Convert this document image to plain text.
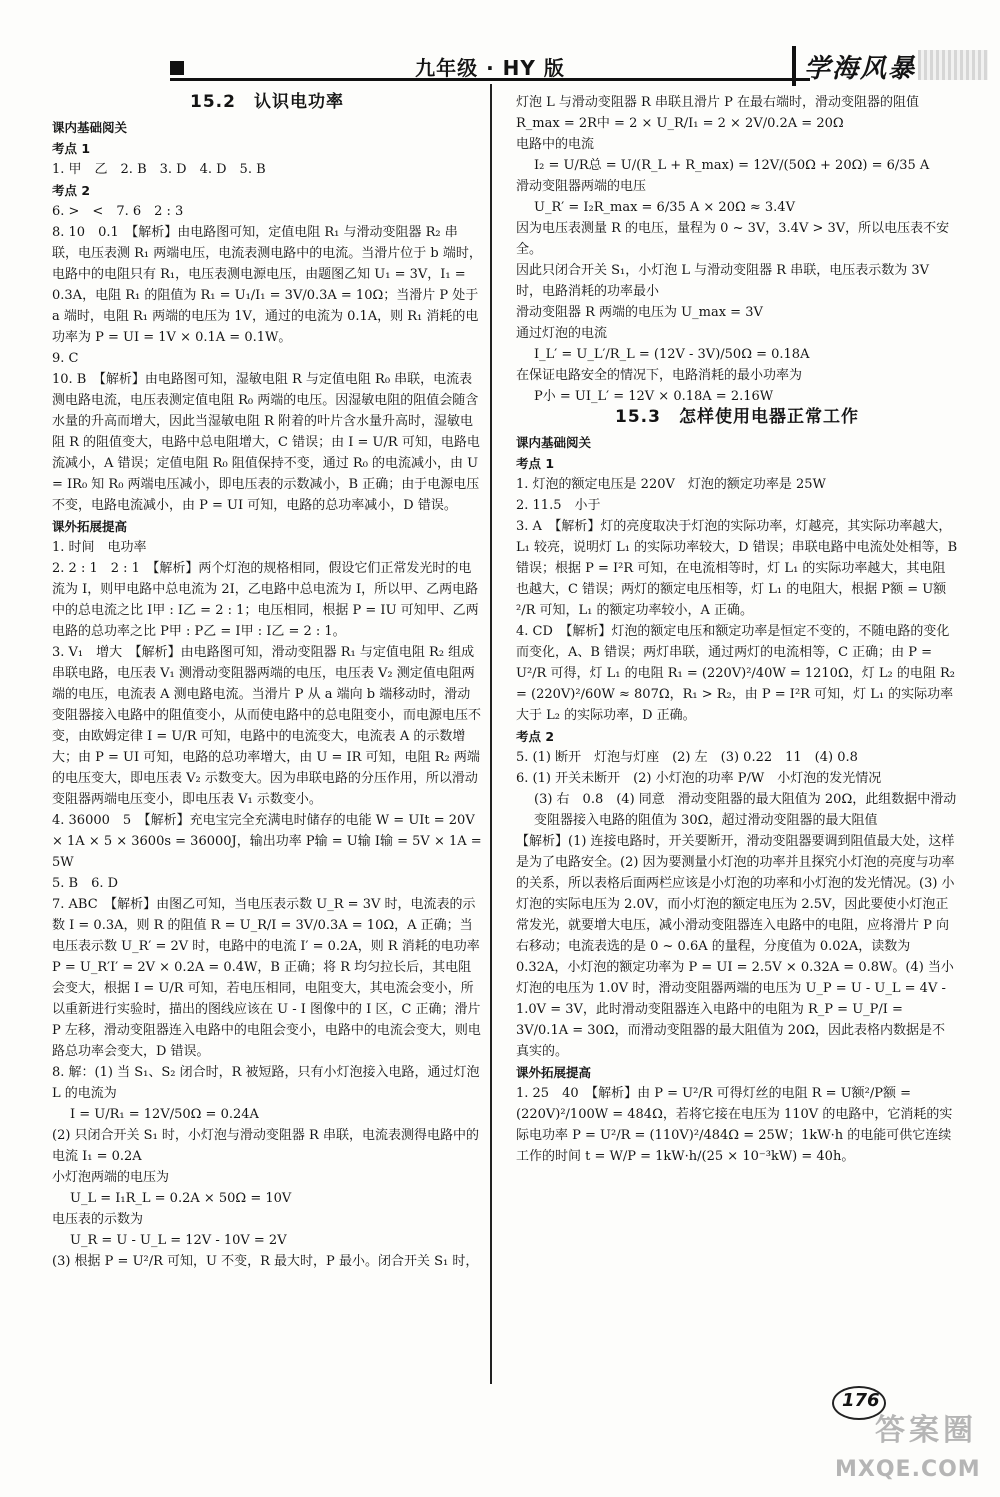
九年级 · HY 版	学海风暴
15.2　认识电功率

课内基础阅关

考点 1

1. 甲　乙　2. B　3. D　4. D　5. B

考点 2

6. >　<　7. 6　2 : 3

8. 10　0.1　【解析】由电路图可知，定值电阻 R₁ 与滑动变阻器 R₂ 串联，电压表测 R₁ 两端电压，电流表测电路中的电流。当滑片位于 b 端时，电路中的电阻只有 R₁，电压表测电源电压，由题图乙知 U₁ = 3V，I₁ = 0.3A，电阻 R₁ 的阻值为 R₁ = U₁/I₁ = 3V/0.3A = 10Ω；当滑片 P 处于 a 端时，电阻 R₁ 两端的电压为 1V，通过的电流为 0.1A，则 R₁ 消耗的电功率为 P = UI = 1V × 0.1A = 0.1W。

9. C

10. B　【解析】由电路图可知，湿敏电阻 R 与定值电阻 R₀ 串联，电流表测电路电流，电压表测定值电阻 R₀ 两端的电压。因湿敏电阻的阻值会随含水量的升高而增大，因此当湿敏电阻 R 附着的叶片含水量升高时，湿敏电阻 R 的阻值变大，电路中总电阻增大，C 错误；由 I = U/R 可知，电路电流减小，A 错误；定值电阻 R₀ 阻值保持不变，通过 R₀ 的电流减小，由 U = IR₀ 知 R₀ 两端电压减小，即电压表的示数减小，B 正确；由于电源电压不变，电路电流减小，由 P = UI 可知，电路的总功率减小，D 错误。

课外拓展提高

1. 时间　电功率

2. 2 : 1　2 : 1　【解析】两个灯泡的规格相同，假设它们正常发光时的电流为 I，则甲电路中总电流为 2I，乙电路中总电流为 I，所以甲、乙两电路中的总电流之比 I甲 : I乙 = 2 : 1；电压相同，根据 P = IU 可知甲、乙两电路的总功率之比 P甲 : P乙 = I甲 : I乙 = 2 : 1。

3. V₁　增大　【解析】由电路图可知，滑动变阻器 R₁ 与定值电阻 R₂ 组成串联电路，电压表 V₁ 测滑动变阻器两端的电压，电压表 V₂ 测定值电阻两端的电压，电流表 A 测电路电流。当滑片 P 从 a 端向 b 端移动时，滑动变阻器接入电路中的阻值变小，从而使电路中的总电阻变小，而电源电压不变，由欧姆定律 I = U/R 可知，电路中的电流变大，电流表 A 的示数增大；由 P = UI 可知，电路的总功率增大，由 U = IR 可知，电阻 R₂ 两端的电压变大，即电压表 V₂ 示数变大。因为串联电路的分压作用，所以滑动变阻器两端电压变小，即电压表 V₁ 示数变小。

4. 36000　5　【解析】充电宝完全充满电时储存的电能 W = UIt = 20V × 1A × 5 × 3600s = 36000J，输出功率 P输 = U输 I输 = 5V × 1A = 5W

5. B　6. D

7. ABC　【解析】由图乙可知，当电压表示数 U_R = 3V 时，电流表的示数 I = 0.3A，则 R 的阻值 R = U_R/I = 3V/0.3A = 10Ω，A 正确；当电压表示数 U_R′ = 2V 时，电路中的电流 I′ = 0.2A，则 R 消耗的电功率 P = U_R′I′ = 2V × 0.2A = 0.4W，B 正确；将 R 均匀拉长后，其电阻会变大，根据 I = U/R 可知，若电压相同，电阻变大，其电流会变小，所以重新进行实验时，描出的图线应该在 U - I 图像中的 Ⅰ 区，C 正确；滑片 P 左移，滑动变阻器连入电路中的电阻会变小，电路中的电流会变大，则电路总功率会变大，D 错误。

8. 解：(1) 当 S₁、S₂ 闭合时，R 被短路，只有小灯泡接入电路，通过灯泡 L 的电流为

I = U/R₁ = 12V/50Ω = 0.24A

(2) 只闭合开关 S₁ 时，小灯泡与滑动变阻器 R 串联，电流表测得电路中的电流 I₁ = 0.2A

小灯泡两端的电压为

U_L = I₁R_L = 0.2A × 50Ω = 10V

电压表的示数为

U_R = U - U_L = 12V - 10V = 2V

(3) 根据 P = U²/R 可知，U 不变，R 最大时，P 最小。闭合开关 S₁ 时，

灯泡 L 与滑动变阻器 R 串联且滑片 P 在最右端时，滑动变阻器的阻值 R_max = 2R中 = 2 × U_R/I₁ = 2 × 2V/0.2A = 20Ω

电路中的电流

I₂ = U/R总 = U/(R_L + R_max) = 12V/(50Ω + 20Ω) = 6/35 A

滑动变阻器两端的电压

U_R′ = I₂R_max = 6/35 A × 20Ω ≈ 3.4V

因为电压表测量 R 的电压，量程为 0 ~ 3V，3.4V > 3V，所以电压表不安全。

因此只闭合开关 S₁，小灯泡 L 与滑动变阻器 R 串联，电压表示数为 3V 时，电路消耗的功率最小

滑动变阻器 R 两端的电压为 U_max = 3V

通过灯泡的电流

I_L′ = U_L′/R_L = (12V - 3V)/50Ω = 0.18A

在保证电路安全的情况下，电路消耗的最小功率为

P小 = UI_L′ = 12V × 0.18A = 2.16W

15.3　怎样使用电器正常工作

课内基础阅关

考点 1

1. 灯泡的额定电压是 220V　灯泡的额定功率是 25W

2. 11.5　小于

3. A　【解析】灯的亮度取决于灯泡的实际功率，灯越亮，其实际功率越大，L₁ 较亮，说明灯 L₁ 的实际功率较大，D 错误；串联电路中电流处处相等，B 错误；根据 P = I²R 可知，在电流相等时，灯 L₁ 的实际功率越大，其电阻也越大，C 错误；两灯的额定电压相等，灯 L₁ 的电阻大，根据 P额 = U额²/R 可知，L₁ 的额定功率较小，A 正确。

4. CD　【解析】灯泡的额定电压和额定功率是恒定不变的，不随电路的变化而变化，A、B 错误；两灯串联，通过两灯的电流相等，C 正确；由 P = U²/R 可得，灯 L₁ 的电阻 R₁ = (220V)²/40W = 1210Ω，灯 L₂ 的电阻 R₂ = (220V)²/60W ≈ 807Ω，R₁ > R₂，由 P = I²R 可知，灯 L₁ 的实际功率大于 L₂ 的实际功率，D 正确。

考点 2

5. (1) 断开　灯泡与灯座　(2) 左　(3) 0.22　11　(4) 0.8

6. (1) 开关未断开　(2) 小灯泡的功率 P/W　小灯泡的发光情况

(3) 右　0.8　(4) 同意　滑动变阻器的最大阻值为 20Ω，此组数据中滑动变阻器接入电路的阻值为 30Ω，超过滑动变阻器的最大阻值

【解析】(1) 连接电路时，开关要断开，滑动变阻器要调到阻值最大处，这样是为了电路安全。(2) 因为要测量小灯泡的功率并且探究小灯泡的亮度与功率的关系，所以表格后面两栏应该是小灯泡的功率和小灯泡的发光情况。(3) 小灯泡的实际电压为 2.0V，而小灯泡的额定电压为 2.5V，因此要使小灯泡正常发光，就要增大电压，减小滑动变阻器连入电路中的电阻，应将滑片 P 向右移动；电流表选的是 0 ~ 0.6A 的量程，分度值为 0.02A，读数为 0.32A，小灯泡的额定功率为 P = UI = 2.5V × 0.32A = 0.8W。(4) 当小灯泡的电压为 1.0V 时，滑动变阻器两端的电压为 U_P = U - U_L = 4V - 1.0V = 3V，此时滑动变阻器连入电路中的电阻为 R_P = U_P/I = 3V/0.1A = 30Ω，而滑动变阻器的最大阻值为 20Ω，因此表格内数据是不真实的。

课外拓展提高

1. 25　40　【解析】由 P = U²/R 可得灯丝的电阻 R = U额²/P额 = (220V)²/100W = 484Ω，若将它接在电压为 110V 的电路中，它消耗的实际电功率 P = U²/R = (110V)²/484Ω = 25W；1kW·h 的电能可供它连续工作的时间 t = W/P = 1kW·h/(25 × 10⁻³kW) = 40h。

176
答案圈
MXQE.COM
